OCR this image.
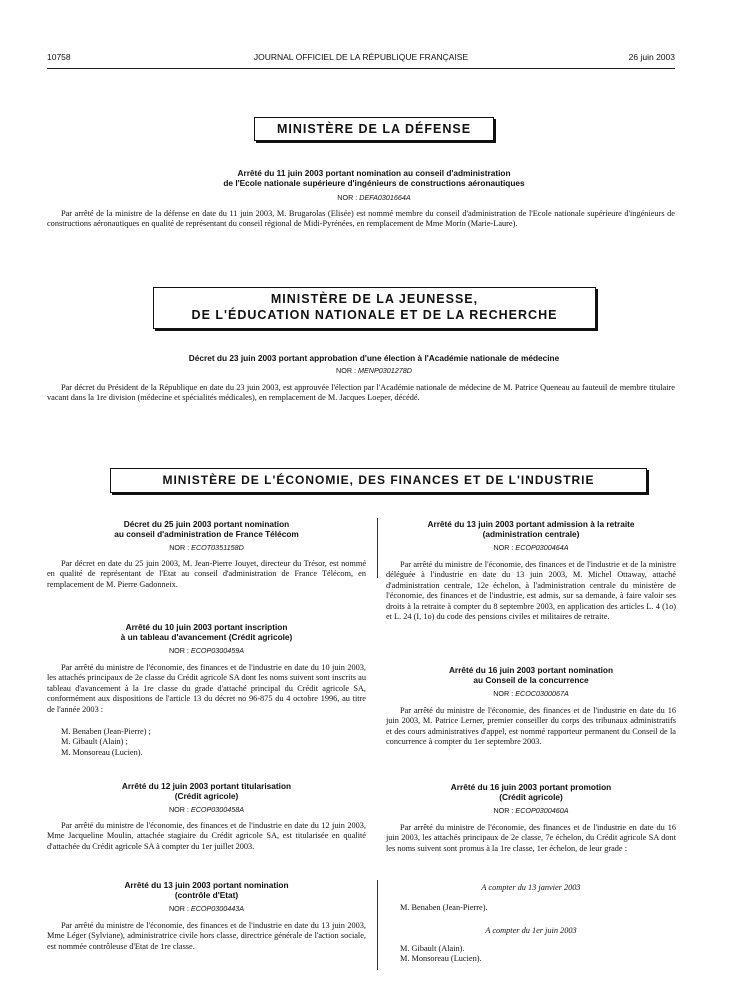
10758	JOURNAL OFFICIEL DE LA RÉPUBLIQUE FRANÇAISE	26 juin 2003
MINISTÈRE DE LA DÉFENSE
Arrêté du 11 juin 2003 portant nomination au conseil d'administration
de l'Ecole nationale supérieure d'ingénieurs de constructions aéronautiques
NOR : DEFA0301664A
Par arrêté de la ministre de la défense en date du 11 juin 2003, M. Brugarolas (Elisée) est nommé membre du conseil d'administration de l'Ecole nationale supérieure d'ingénieurs de constructions aéronautiques en qualité de représentant du conseil régional de Midi-Pyrénées, en remplacement de Mme Morin (Marie-Laure).
MINISTÈRE DE LA JEUNESSE,
DE L'ÉDUCATION NATIONALE ET DE LA RECHERCHE
Décret du 23 juin 2003 portant approbation d'une élection à l'Académie nationale de médecine
NOR : MENP0301278D
Par décret du Président de la République en date du 23 juin 2003, est approuvée l'élection par l'Académie nationale de médecine de M. Patrice Queneau au fauteuil de membre titulaire vacant dans la 1re division (médecine et spécialités médicales), en remplacement de M. Jacques Loeper, décédé.
MINISTÈRE DE L'ÉCONOMIE, DES FINANCES ET DE L'INDUSTRIE
Décret du 25 juin 2003 portant nomination
au conseil d'administration de France Télécom
NOR : ECOT0351158D
Par décret en date du 25 juin 2003, M. Jean-Pierre Jouyet, directeur du Trésor, est nommé en qualité de représentant de l'Etat au conseil d'administration de France Télécom, en remplacement de M. Pierre Gadonneix.
Arrêté du 10 juin 2003 portant inscription
à un tableau d'avancement (Crédit agricole)
NOR : ECOP0300459A
Par arrêté du ministre de l'économie, des finances et de l'industrie en date du 10 juin 2003, les attachés principaux de 2e classe du Crédit agricole SA dont les noms suivent sont inscrits au tableau d'avancement à la 1re classe du grade d'attaché principal du Crédit agricole SA, conformément aux dispositions de l'article 13 du décret no 96-875 du 4 octobre 1996, au titre de l'année 2003 :
M. Benaben (Jean-Pierre) ;
M. Gibault (Alain) ;
M. Monsoreau (Lucien).
Arrêté du 12 juin 2003 portant titularisation
(Crédit agricole)
NOR : ECOP0300458A
Par arrêté du ministre de l'économie, des finances et de l'industrie en date du 12 juin 2003, Mme Jacqueline Moulin, attachée stagiaire du Crédit agricole SA, est titularisée en qualité d'attachée du Crédit agricole SA à compter du 1er juillet 2003.
Arrêté du 13 juin 2003 portant nomination
(contrôle d'Etat)
NOR : ECOP0300443A
Par arrêté du ministre de l'économie, des finances et de l'industrie en date du 13 juin 2003, Mme Léger (Sylviane), administratrice civile hors classe, directrice générale de l'action sociale, est nommée contrôleuse d'Etat de 1re classe.
Arrêté du 13 juin 2003 portant admission à la retraite
(administration centrale)
NOR : ECOP0300464A
Par arrêté du ministre de l'économie, des finances et de l'industrie et de la ministre déléguée à l'industrie en date du 13 juin 2003, M. Michel Ottaway, attaché d'administration centrale, 12e échelon, à l'administration centrale du ministère de l'économie, des finances et de l'industrie, est admis, sur sa demande, à faire valoir ses droits à la retraite à compter du 8 septembre 2003, en application des articles L. 4 (1o) et L. 24 (I, 1o) du code des pensions civiles et militaires de retraite.
Arrêté du 16 juin 2003 portant nomination
au Conseil de la concurrence
NOR : ECOC0300067A
Par arrêté du ministre de l'économie, des finances et de l'industrie en date du 16 juin 2003, M. Patrice Lerner, premier conseiller du corps des tribunaux administratifs et des cours administratives d'appel, est nommé rapporteur permanent du Conseil de la concurrence à compter du 1er septembre 2003.
Arrêté du 16 juin 2003 portant promotion
(Crédit agricole)
NOR : ECOP0300460A
Par arrêté du ministre de l'économie, des finances et de l'industrie en date du 16 juin 2003, les attachés principaux de 2e classe, 7e échelon, du Crédit agricole SA dont les noms suivent sont promus à la 1re classe, 1er échelon, de leur grade :
A compter du 13 janvier 2003
M. Benaben (Jean-Pierre).
A compter du 1er juin 2003
M. Gibault (Alain).
M. Monsoreau (Lucien).
